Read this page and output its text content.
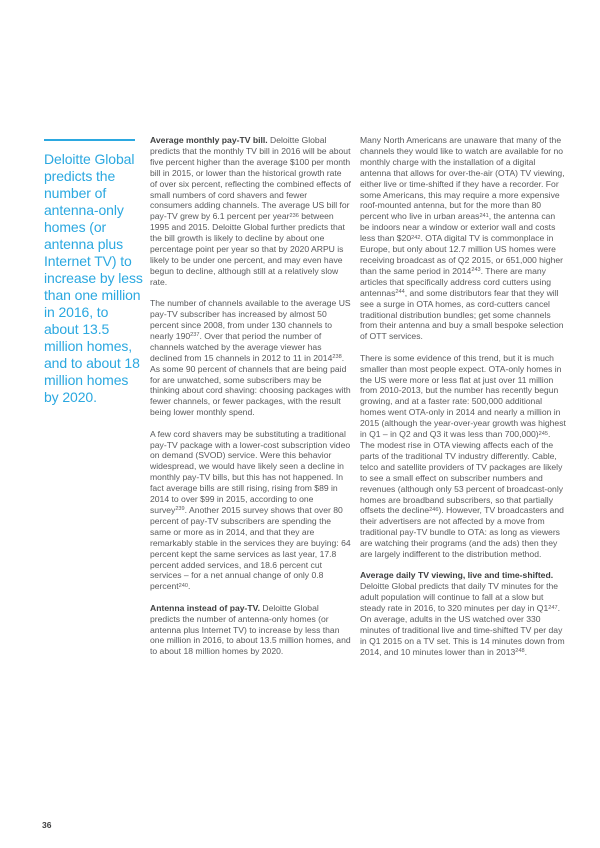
Deloitte Global predicts the number of antenna-only homes (or antenna plus Internet TV) to increase by less than one million in 2016, to about 13.5 million homes, and to about 18 million homes by 2020.

Average monthly pay-TV bill. Deloitte Global predicts that the monthly TV bill in 2016 will be about five percent higher than the average $100 per month bill in 2015, or lower than the historical growth rate of over six percent, reflecting the combined effects of small numbers of cord shavers and fewer consumers adding channels. The average US bill for pay-TV grew by 6.1 percent per year$^{236}$ between 1995 and 2015. Deloitte Global further predicts that the bill growth is likely to decline by about one percentage point per year so that by 2020 ARPU is likely to be under one percent, and may even have begun to decline, although still at a relatively slow rate.

The number of channels available to the average US pay-TV subscriber has increased by almost 50 percent since 2008, from under 130 channels to nearly $190^{237}$. Over that period the number of channels watched by the average viewer has declined from 15 channels in 2012 to 11 in 2014$^{238}$. As some 90 percent of channels that are being paid for are unwatched, some subscribers may be thinking about cord shaving: choosing packages with fewer channels, or fewer packages, with the result being lower monthly spend.

A few cord shavers may be substituting a traditional pay-TV package with a lower-cost subscription video on demand (SVOD) service. Were this behavior widespread, we would have likely seen a decline in monthly pay-TV bills, but this has not happened. In fact average bills are still rising, rising from $89 in 2014 to over $99 in 2015, according to one survey$^{239}$. Another 2015 survey shows that over 80 percent of pay-TV subscribers are spending the same or more as in 2014, and that they are remarkably stable in the services they are buying: 64 percent kept the same services as last year, 17.8 percent added services, and 18.6 percent cut services – for a net annual change of only 0.8 percent$^{240}$.

Antenna instead of pay-TV. Deloitte Global predicts the number of antenna-only homes (or antenna plus Internet TV) to increase by less than one million in 2016, to about 13.5 million homes, and to about 18 million homes by 2020.

Many North Americans are unaware that many of the channels they would like to watch are available for no monthly charge with the installation of a digital antenna that allows for over-the-air (OTA) TV viewing, either live or time-shifted if they have a recorder. For some Americans, this may require a more expensive roof-mounted antenna, but for the more than 80 percent who live in urban areas$^{241}$, the antenna can be indoors near a window or exterior wall and costs less than $\$20^{242}$. OTA digital TV is commonplace in Europe, but only about 12.7 million US homes were receiving broadcast as of Q2 2015, or 651,000 higher than the same period in 2014$^{243}$. There are many articles that specifically address cord cutters using antennas$^{244}$, and some distributors fear that they will see a surge in OTA homes, as cord-cutters cancel traditional distribution bundles; get some channels from their antenna and buy a small bespoke selection of OTT services.

There is some evidence of this trend, but it is much smaller than most people expect. OTA-only homes in the US were more or less flat at just over 11 million from 2010-2013, but the number has recently begun growing, and at a faster rate: 500,000 additional homes went OTA-only in 2014 and nearly a million in 2015 (although the year-over-year growth was highest in Q1 – in Q2 and Q3 it was less than 700,000)$^{245}$. The modest rise in OTA viewing affects each of the parts of the traditional TV industry differently. Cable, telco and satellite providers of TV packages are likely to see a small effect on subscriber numbers and revenues (although only 53 percent of broadcast-only homes are broadband subscribers, so that partially offsets the decline$^{246}$). However, TV broadcasters and their advertisers are not affected by a move from traditional pay-TV bundle to OTA: as long as viewers are watching their programs (and the ads) then they are largely indifferent to the distribution method.

Average daily TV viewing, live and time-shifted. Deloitte Global predicts that daily TV minutes for the adult population will continue to fall at a slow but steady rate in 2016, to 320 minutes per day in $Q1^{247}$. On average, adults in the US watched over 330 minutes of traditional live and time-shifted TV per day in Q1 2015 on a TV set. This is 14 minutes down from 2014, and 10 minutes lower than in 2013$^{248}$.

36
